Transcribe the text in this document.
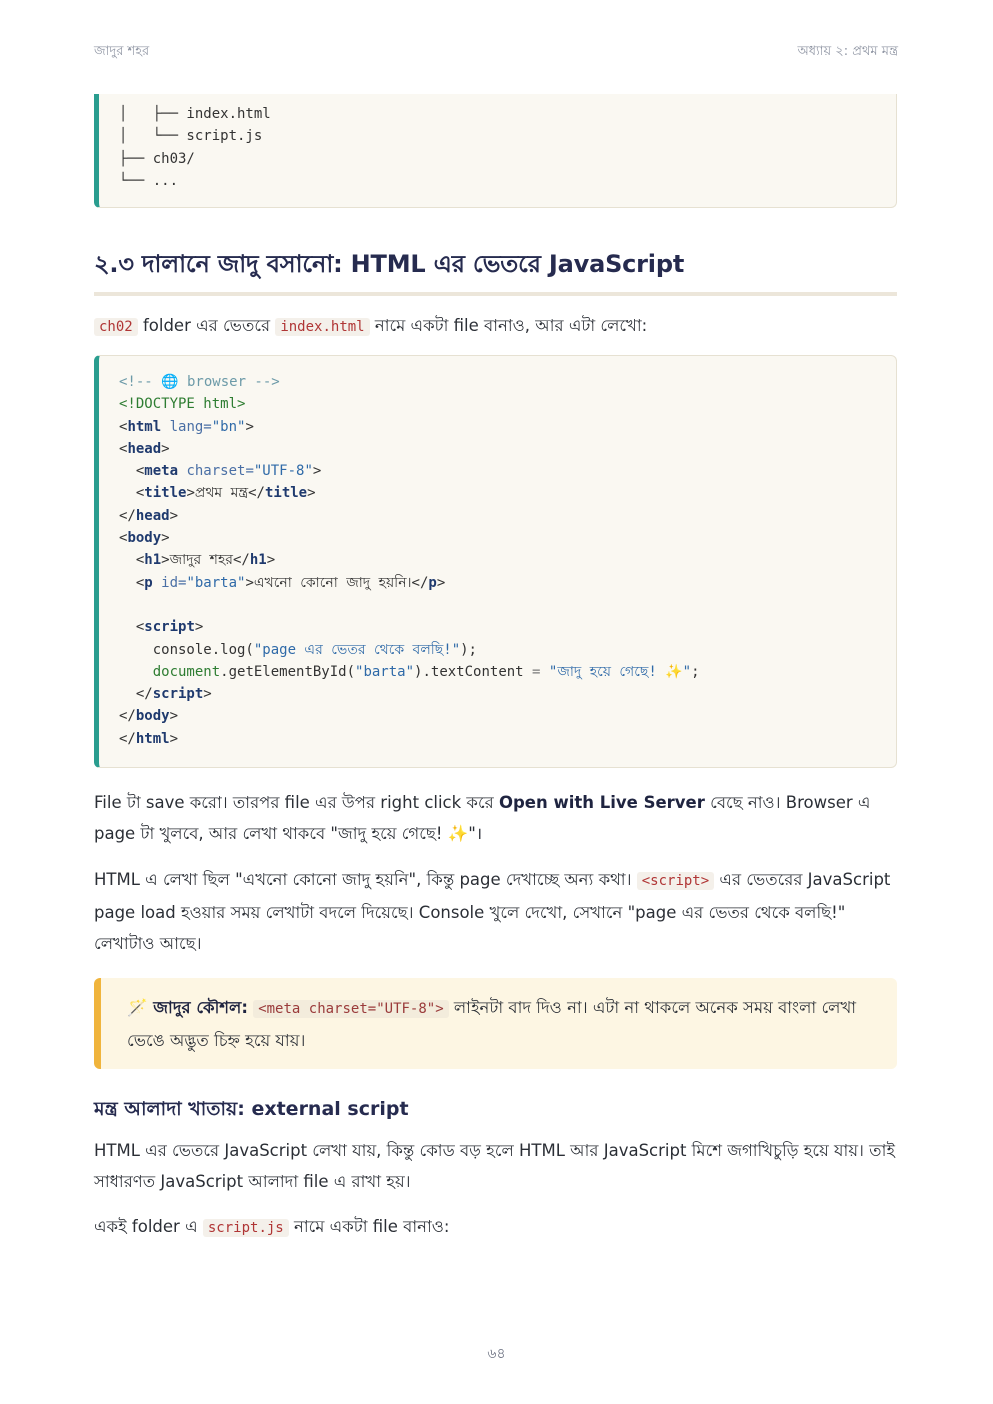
জাদুর শহর	অধ্যায় ২: প্রথম মন্ত্র
│   ├── index.html
│   └── script.js
├── ch03/
└── ...
২.৩ দালানে জাদু বসানো: HTML এর ভেতরে JavaScript

ch02 folder এর ভেতরে index.html নামে একটা file বানাও, আর এটা লেখো:

<!-- 🌐 browser -->
<!DOCTYPE html>
<html lang="bn">
<head>
<meta charset="UTF-8">
<title>প্রথম মন্ত্র</title>
</head>
<body>
<h1>জাদুর শহর</h1>
<p id="barta">এখনো কোনো জাদু হয়নি।</p>
<script>
console.log("page এর ভেতর থেকে বলছি!");
document.getElementById("barta").textContent = "জাদু হয়ে গেছে! ✨";
</script>
</body>
</html>

File টা save করো। তারপর file এর উপর right click করে Open with Live Server বেছে নাও। Browser এ page টা খুলবে, আর লেখা থাকবে "জাদু হয়ে গেছে! ✨"।

HTML এ লেখা ছিল "এখনো কোনো জাদু হয়নি", কিন্তু page দেখাচ্ছে অন্য কথা। <script> এর ভেতরের JavaScript page load হওয়ার সময় লেখাটা বদলে দিয়েছে। Console খুলে দেখো, সেখানে "page এর ভেতর থেকে বলছি!" লেখাটাও আছে।

🪄 জাদুর কৌশল: <meta charset="UTF-8"> লাইনটা বাদ দিও না। এটা না থাকলে অনেক সময় বাংলা লেখা ভেঙে অদ্ভুত চিহ্ন হয়ে যায়।
মন্ত্র আলাদা খাতায়: external script

HTML এর ভেতরে JavaScript লেখা যায়, কিন্তু কোড বড় হলে HTML আর JavaScript মিশে জগাখিচুড়ি হয়ে যায়। তাই সাধারণত JavaScript আলাদা file এ রাখা হয়।

একই folder এ script.js নামে একটা file বানাও:

৬৪
